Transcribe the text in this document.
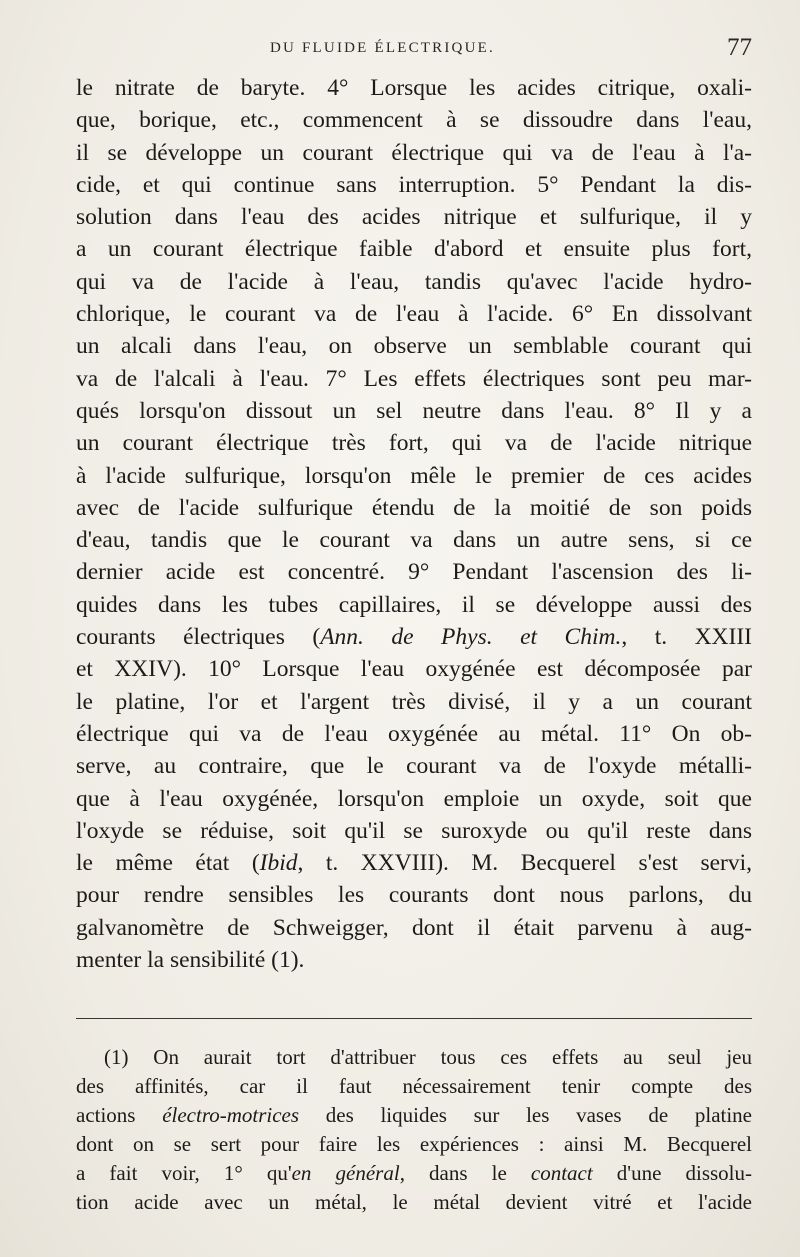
DU FLUIDE ÉLECTRIQUE.	77
le nitrate de baryte. 4° Lorsque les acides citrique, oxali-
que, borique, etc., commencent à se dissoudre dans l'eau,
il se développe un courant électrique qui va de l'eau à l'a-
cide, et qui continue sans interruption. 5° Pendant la dis-
solution dans l'eau des acides nitrique et sulfurique, il y
a un courant électrique faible d'abord et ensuite plus fort,
qui va de l'acide à l'eau, tandis qu'avec l'acide hydro-
chlorique, le courant va de l'eau à l'acide. 6° En dissolvant
un alcali dans l'eau, on observe un semblable courant qui
va de l'alcali à l'eau. 7° Les effets électriques sont peu mar-
qués lorsqu'on dissout un sel neutre dans l'eau. 8° Il y a
un courant électrique très fort, qui va de l'acide nitrique
à l'acide sulfurique, lorsqu'on mêle le premier de ces acides
avec de l'acide sulfurique étendu de la moitié de son poids
d'eau, tandis que le courant va dans un autre sens, si ce
dernier acide est concentré. 9° Pendant l'ascension des li-
quides dans les tubes capillaires, il se développe aussi des
courants électriques (Ann. de Phys. et Chim., t. XXIII
et XXIV). 10° Lorsque l'eau oxygénée est décomposée par
le platine, l'or et l'argent très divisé, il y a un courant
électrique qui va de l'eau oxygénée au métal. 11° On ob-
serve, au contraire, que le courant va de l'oxyde métalli-
que à l'eau oxygénée, lorsqu'on emploie un oxyde, soit que
l'oxyde se réduise, soit qu'il se suroxyde ou qu'il reste dans
le même état (Ibid, t. XXVIII). M. Becquerel s'est servi,
pour rendre sensibles les courants dont nous parlons, du
galvanomètre de Schweigger, dont il était parvenu à aug-
menter la sensibilité (1).
(1) On aurait tort d'attribuer tous ces effets au seul jeu
des affinités, car il faut nécessairement tenir compte des
actions électro-motrices des liquides sur les vases de platine
dont on se sert pour faire les expériences : ainsi M. Becquerel
a fait voir, 1° qu'en général, dans le contact d'une dissolu-
tion acide avec un métal, le métal devient vitré et l'acide
